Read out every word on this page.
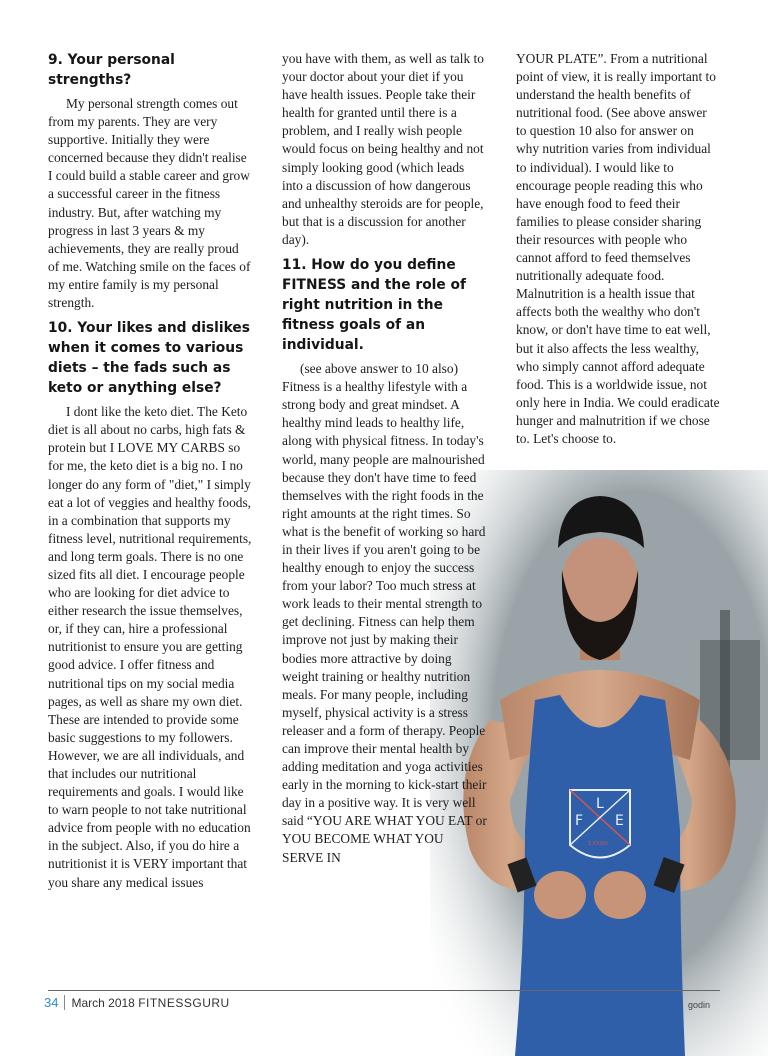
9. Your personal strengths?

My personal strength comes out from my parents. They are very supportive. Initially they were concerned because they didn't realise I could build a stable career and grow a successful career in the fitness industry. But, after watching my progress in last 3 years & my achievements, they are really proud of me. Watching smile on the faces of my entire family is my personal strength.

10. Your likes and dislikes when it comes to various diets – the fads such as keto or anything else?

I dont like the keto diet. The Keto diet is all about no carbs, high fats & protein but I LOVE MY CARBS so for me, the keto diet is a big no. I no longer do any form of "diet," I simply eat a lot of veggies and healthy foods, in a combination that supports my fitness level, nutritional requirements, and long term goals. There is no one sized fits all diet. I encourage people who are looking for diet advice to either research the issue themselves, or, if they can, hire a professional nutritionist to ensure you are getting good advice. I offer fitness and nutritional tips on my social media pages, as well as share my own diet. These are intended to provide some basic suggestions to my followers. However, we are all individuals, and that includes our nutritional requirements and goals. I would like to warn people to not take nutritional advice from people with no education in the subject. Also, if you do hire a nutritionist it is VERY important that you share any medical issues

you have with them, as well as talk to your doctor about your diet if you have health issues. People take their health for granted until there is a problem, and I really wish people would focus on being healthy and not simply looking good (which leads into a discussion of how dangerous and unhealthy steroids are for people, but that is a discussion for another day).

11. How do you define FITNESS and the role of right nutrition in the fitness goals of an individual.

(see above answer to 10 also) Fitness is a healthy lifestyle with a strong body and great mindset. A healthy mind leads to healthy life, along with physical fitness. In today's world, many people are malnourished because they don't have time to feed themselves with the right foods in the right amounts at the right times. So what is the benefit of working so hard in their lives if you aren't going to be healthy enough to enjoy the success from your labor? Too much stress at work leads to their mental strength to get declining. Fitness can help them improve not just by making their bodies more attractive by doing weight training or healthy nutrition meals. For many people, including myself, physical activity is a stress releaser and a form of therapy. People can improve their mental health by adding meditation and yoga activities early in the morning to kick-start their day in a positive way. It is very well said “YOU ARE WHAT YOU EAT or YOU BECOME WHAT YOU SERVE IN

YOUR PLATE”. From a nutritional point of view, it is really important to understand the health benefits of nutritional food. (See above answer to question 10 also for answer on why nutrition varies from individual to individual). I would like to encourage people reading this who have enough food to feed their families to please consider sharing their resources with people who cannot afford to feed themselves nutritionally adequate food. Malnutrition is a health issue that affects both the wealthy who don't know, or don't have time to eat well, but it also affects the less wealthy, who simply cannot afford adequate food. This is a worldwide issue, not only here in India. We could eradicate hunger and malnutrition if we chose to. Let's choose to.

F
L
E
1.XXXIV
34	March 2018
FITNESSGURU	godin
